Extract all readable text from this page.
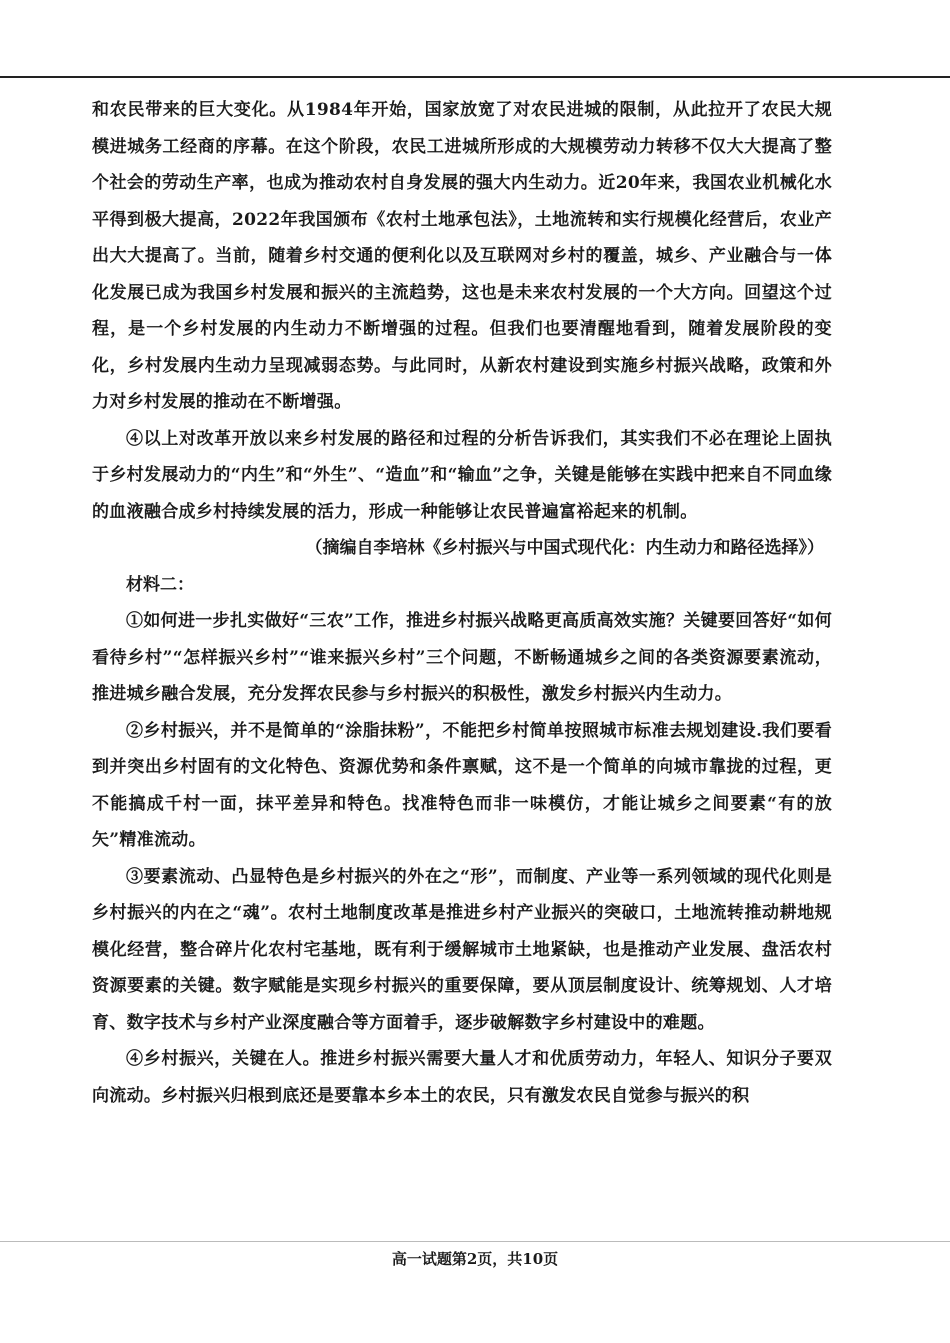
和农民带来的巨大变化。从1984年开始，国家放宽了对农民进城的限制，从此拉开了农民大规模进城务工经商的序幕。在这个阶段，农民工进城所形成的大规模劳动力转移不仅大大提高了整个社会的劳动生产率，也成为推动农村自身发展的强大内生动力。近20年来，我国农业机械化水平得到极大提高，2022年我国颁布《农村土地承包法》，土地流转和实行规模化经营后，农业产出大大提高了。当前，随着乡村交通的便利化以及互联网对乡村的覆盖，城乡、产业融合与一体化发展已成为我国乡村发展和振兴的主流趋势，这也是未来农村发展的一个大方向。回望这个过程，是一个乡村发展的内生动力不断增强的过程。但我们也要清醒地看到，随着发展阶段的变化，乡村发展内生动力呈现减弱态势。与此同时，从新农村建设到实施乡村振兴战略，政策和外力对乡村发展的推动在不断增强。

④以上对改革开放以来乡村发展的路径和过程的分析告诉我们，其实我们不必在理论上固执于乡村发展动力的“内生”和“外生”、“造血”和“输血”之争，关键是能够在实践中把来自不同血缘的血液融合成乡村持续发展的活力，形成一种能够让农民普遍富裕起来的机制。

（摘编自李培林《乡村振兴与中国式现代化：内生动力和路径选择》）

材料二：

①如何进一步扎实做好“三农”工作，推进乡村振兴战略更高质高效实施？关键要回答好“如何看待乡村”“怎样振兴乡村”“谁来振兴乡村”三个问题，不断畅通城乡之间的各类资源要素流动，推进城乡融合发展，充分发挥农民参与乡村振兴的积极性，激发乡村振兴内生动力。

②乡村振兴，并不是简单的“涂脂抹粉”，不能把乡村简单按照城市标准去规划建设.我们要看到并突出乡村固有的文化特色、资源优势和条件禀赋，这不是一个简单的向城市靠拢的过程，更不能搞成千村一面，抹平差异和特色。找准特色而非一味模仿，才能让城乡之间要素“有的放矢”精准流动。

③要素流动、凸显特色是乡村振兴的外在之“形”，而制度、产业等一系列领域的现代化则是乡村振兴的内在之“魂”。农村土地制度改革是推进乡村产业振兴的突破口，土地流转推动耕地规模化经营，整合碎片化农村宅基地，既有利于缓解城市土地紧缺，也是推动产业发展、盘活农村资源要素的关键。数字赋能是实现乡村振兴的重要保障，要从顶层制度设计、统筹规划、人才培育、数字技术与乡村产业深度融合等方面着手，逐步破解数字乡村建设中的难题。

④乡村振兴，关键在人。推进乡村振兴需要大量人才和优质劳动力，年轻人、知识分子要双向流动。乡村振兴归根到底还是要靠本乡本土的农民，只有激发农民自觉参与振兴的积

高一试题第2页，共10页
